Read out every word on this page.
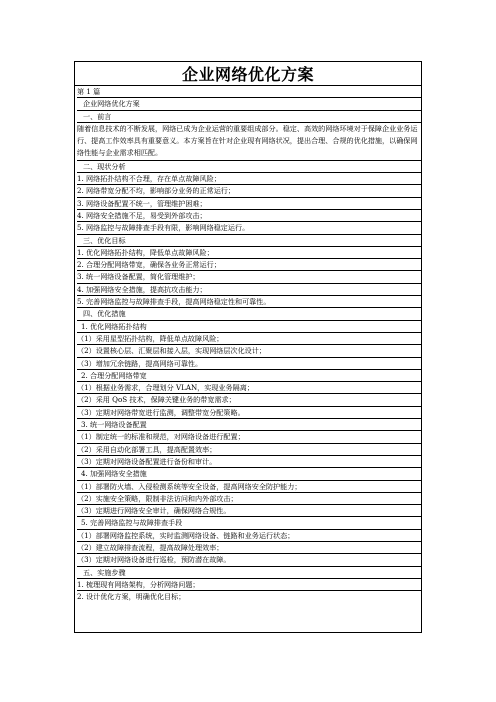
企业网络优化方案
第 1 篇
企业网络优化方案
一、前言
随着信息技术的不断发展，网络已成为企业运营的重要组成部分。稳定、高效的网络环境对于保障企业业务运行、提高工作效率具有重要意义。本方案旨在针对企业现有网络状况，提出合理、合规的优化措施，以确保网络性能与企业需求相匹配。
二、现状分析
1. 网络拓扑结构不合理，存在单点故障风险；
2. 网络带宽分配不均，影响部分业务的正常运行；
3. 网络设备配置不统一，管理维护困难；
4. 网络安全措施不足，易受到外部攻击；
5. 网络监控与故障排查手段有限，影响网络稳定运行。
三、优化目标
1. 优化网络拓扑结构，降低单点故障风险；
2. 合理分配网络带宽，确保各业务正常运行；
3. 统一网络设备配置，简化管理维护；
4. 加强网络安全措施，提高抗攻击能力；
5. 完善网络监控与故障排查手段，提高网络稳定性和可靠性。
四、优化措施
1. 优化网络拓扑结构
（1）采用星型拓扑结构，降低单点故障风险；
（2）设置核心层、汇聚层和接入层，实现网络层次化设计；
（3）增加冗余链路，提高网络可靠性。
2. 合理分配网络带宽
（1）根据业务需求，合理划分 VLAN，实现业务隔离；
（2）采用 QoS 技术，保障关键业务的带宽需求；
（3）定期对网络带宽进行监测，调整带宽分配策略。
3. 统一网络设备配置
（1）制定统一的标准和规范，对网络设备进行配置；
（2）采用自动化部署工具，提高配置效率；
（3）定期对网络设备配置进行备份和审计。
4. 加强网络安全措施
（1）部署防火墙、入侵检测系统等安全设备，提高网络安全防护能力；
（2）实施安全策略，限制非法访问和内外部攻击；
（3）定期进行网络安全审计，确保网络合规性。
5. 完善网络监控与故障排查手段
（1）部署网络监控系统，实时监测网络设备、链路和业务运行状态；
（2）建立故障排查流程，提高故障处理效率；
（3）定期对网络设备进行巡检，预防潜在故障。
五、实施步骤
1. 梳理现有网络架构，分析网络问题；
2. 设计优化方案，明确优化目标；
